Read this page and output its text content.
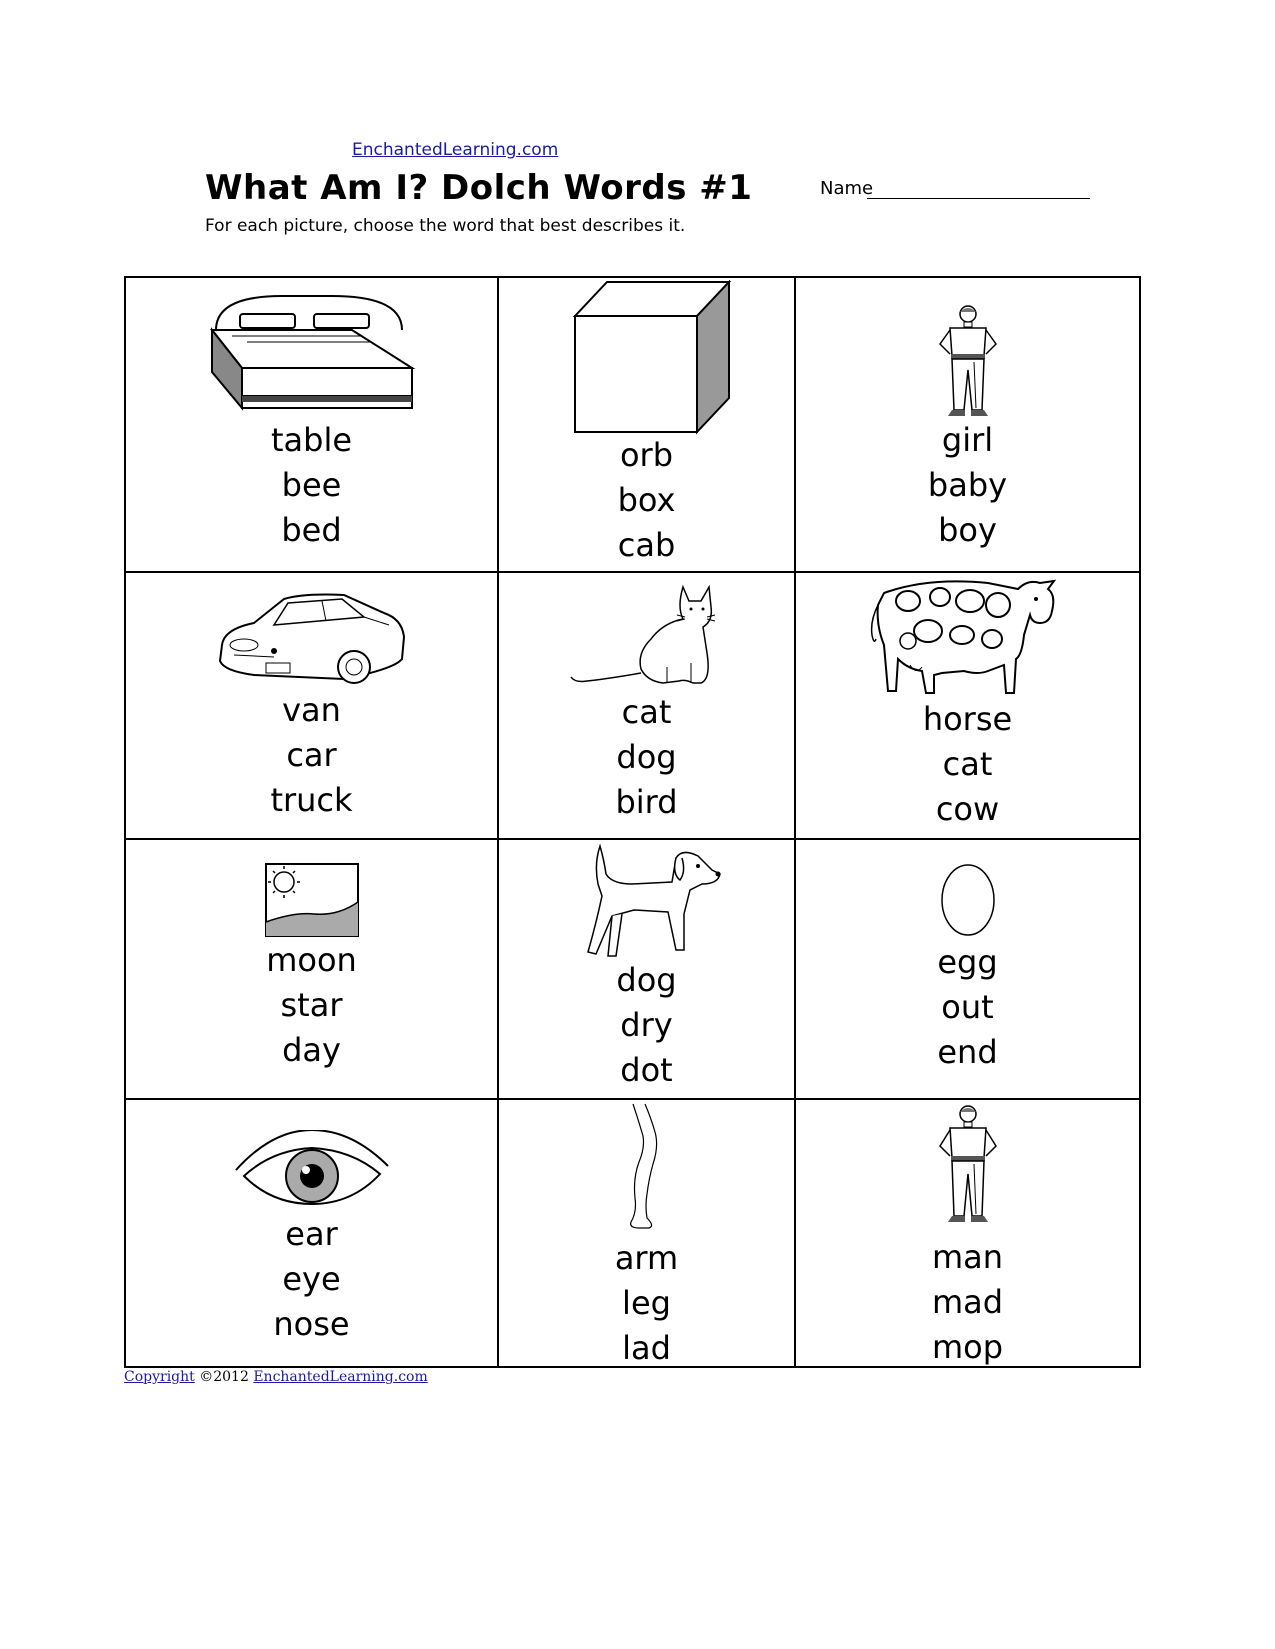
EnchantedLearning.com
What Am I? Dolch Words #1	Name
For each picture, choose the word that best describes it.
table
bee
bed
orb
box
cab
girl
baby
boy
van
car
truck
cat
dog
bird
horse
cat
cow
moon
star
day
dog
dry
dot
egg
out
end
ear
eye
nose
arm
leg
lad
man
mad
mop
Copyright ©2012 EnchantedLearning.com
